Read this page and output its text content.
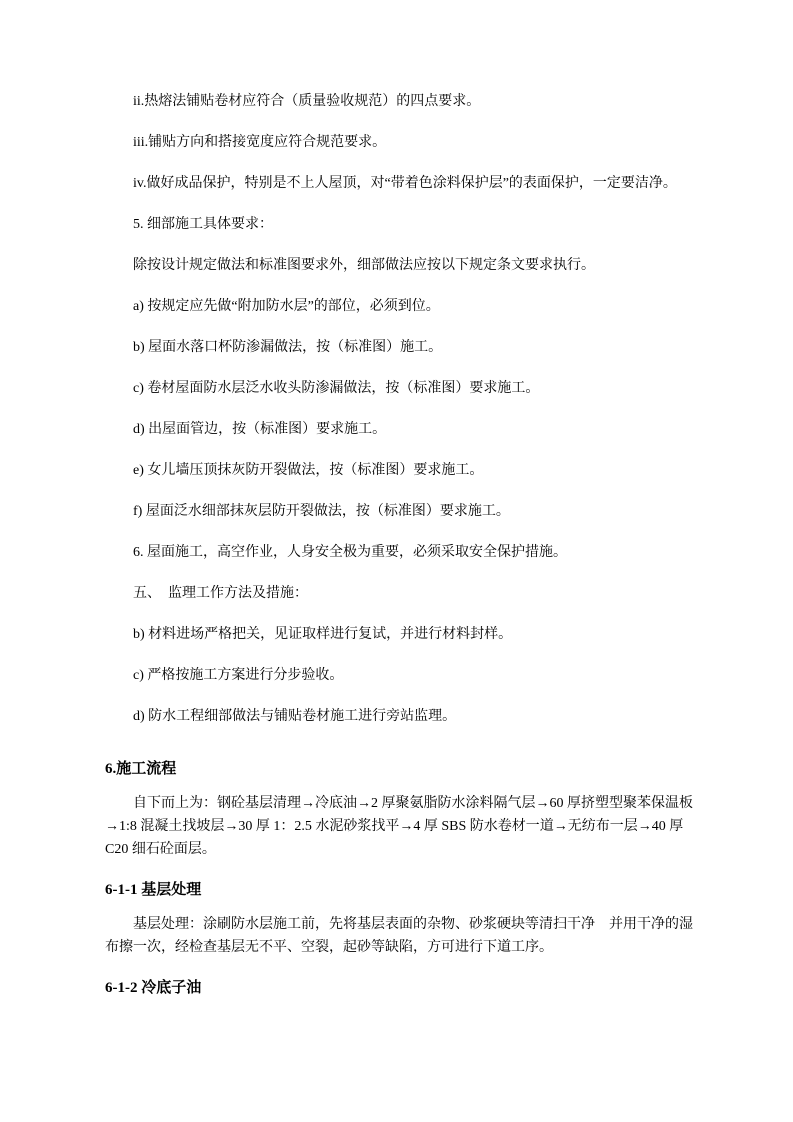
ii.热熔法铺贴卷材应符合（质量验收规范）的四点要求。
iii.铺贴方向和搭接宽度应符合规范要求。
iv.做好成品保护，特别是不上人屋顶，对“带着色涂料保护层”的表面保护，一定要洁净。
5. 细部施工具体要求：
除按设计规定做法和标准图要求外，细部做法应按以下规定条文要求执行。
a) 按规定应先做“附加防水层”的部位，必须到位。
b) 屋面水落口杯防渗漏做法，按（标准图）施工。
c) 卷材屋面防水层泛水收头防渗漏做法，按（标准图）要求施工。
d) 出屋面管边，按（标准图）要求施工。
e) 女儿墙压顶抹灰防开裂做法，按（标准图）要求施工。
f) 屋面泛水细部抹灰层防开裂做法，按（标准图）要求施工。
6. 屋面施工，高空作业，人身安全极为重要，必须采取安全保护措施。
五、　监理工作方法及措施：
b) 材料进场严格把关，见证取样进行复试，并进行材料封样。
c) 严格按施工方案进行分步验收。
d) 防水工程细部做法与铺贴卷材施工进行旁站监理。
6.施工流程
自下而上为：钢砼基层清理→冷底油→2 厚聚氨脂防水涂料隔气层→60 厚挤塑型聚苯保温板→1:8 混凝土找坡层→30 厚 1：2.5 水泥砂浆找平→4 厚 SBS 防水卷材一道→无纺布一层→40 厚 C20 细石砼面层。
6-1-1 基层处理
基层处理：涂刷防水层施工前，先将基层表面的杂物、砂浆硬块等清扫干净　并用干净的湿布擦一次，经检查基层无不平、空裂，起砂等缺陷，方可进行下道工序。
6-1-2 冷底子油
